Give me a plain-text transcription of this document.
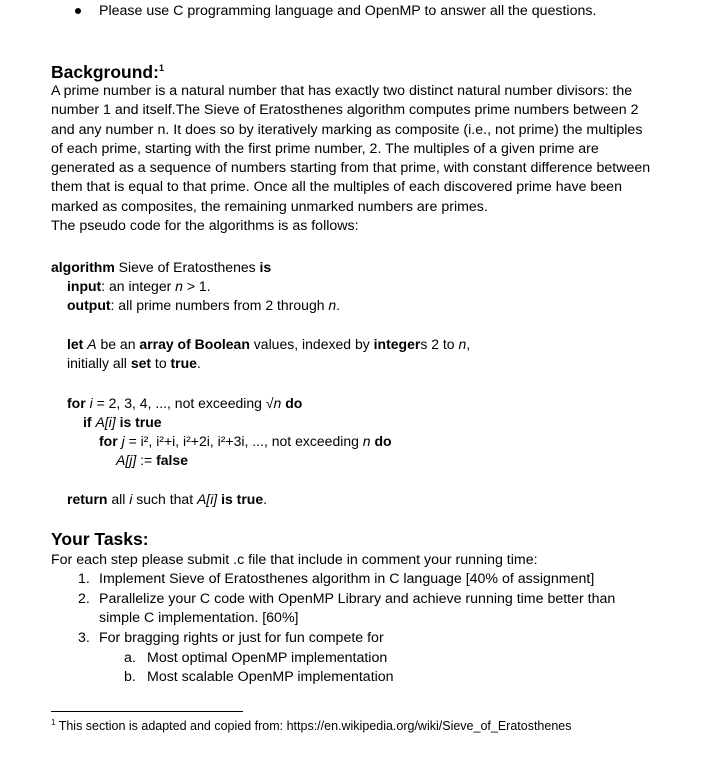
Please use C programming language and OpenMP to answer all the questions.
Background:$^1$
A prime number is a natural number that has exactly two distinct natural number divisors: the
number 1 and itself.The Sieve of Eratosthenes algorithm computes prime numbers between 2
and any number n. It does so by iteratively marking as composite (i.e., not prime) the multiples
of each prime, starting with the first prime number, 2. The multiples of a given prime are
generated as a sequence of numbers starting from that prime, with constant difference between
them that is equal to that prime. Once all the multiples of each discovered prime have been
marked as composites, the remaining unmarked numbers are primes.
The pseudo code for the algorithms is as follows:
algorithm Sieve of Eratosthenes is
input: an integer n > 1.
output: all prime numbers from 2 through n.
let A be an array of Boolean values, indexed by integers 2 to n,
initially all set to true.
for i = 2, 3, 4, ..., not exceeding √n do
if A[i] is true
for j = i², i²+i, i²+2i, i²+3i, ..., not exceeding n do
A[j] := false
return all i such that A[i] is true.
Your Tasks:
For each step please submit .c file that include in comment your running time:
1. Implement Sieve of Eratosthenes algorithm in C language [40% of assignment]
2. Parallelize your C code with OpenMP Library and achieve running time better than
simple C implementation. [60%]
3. For bragging rights or just for fun compete for
a. Most optimal OpenMP implementation
b. Most scalable OpenMP implementation
$^1$ This section is adapted and copied from: https://en.wikipedia.org/wiki/Sieve_of_Eratosthenes
